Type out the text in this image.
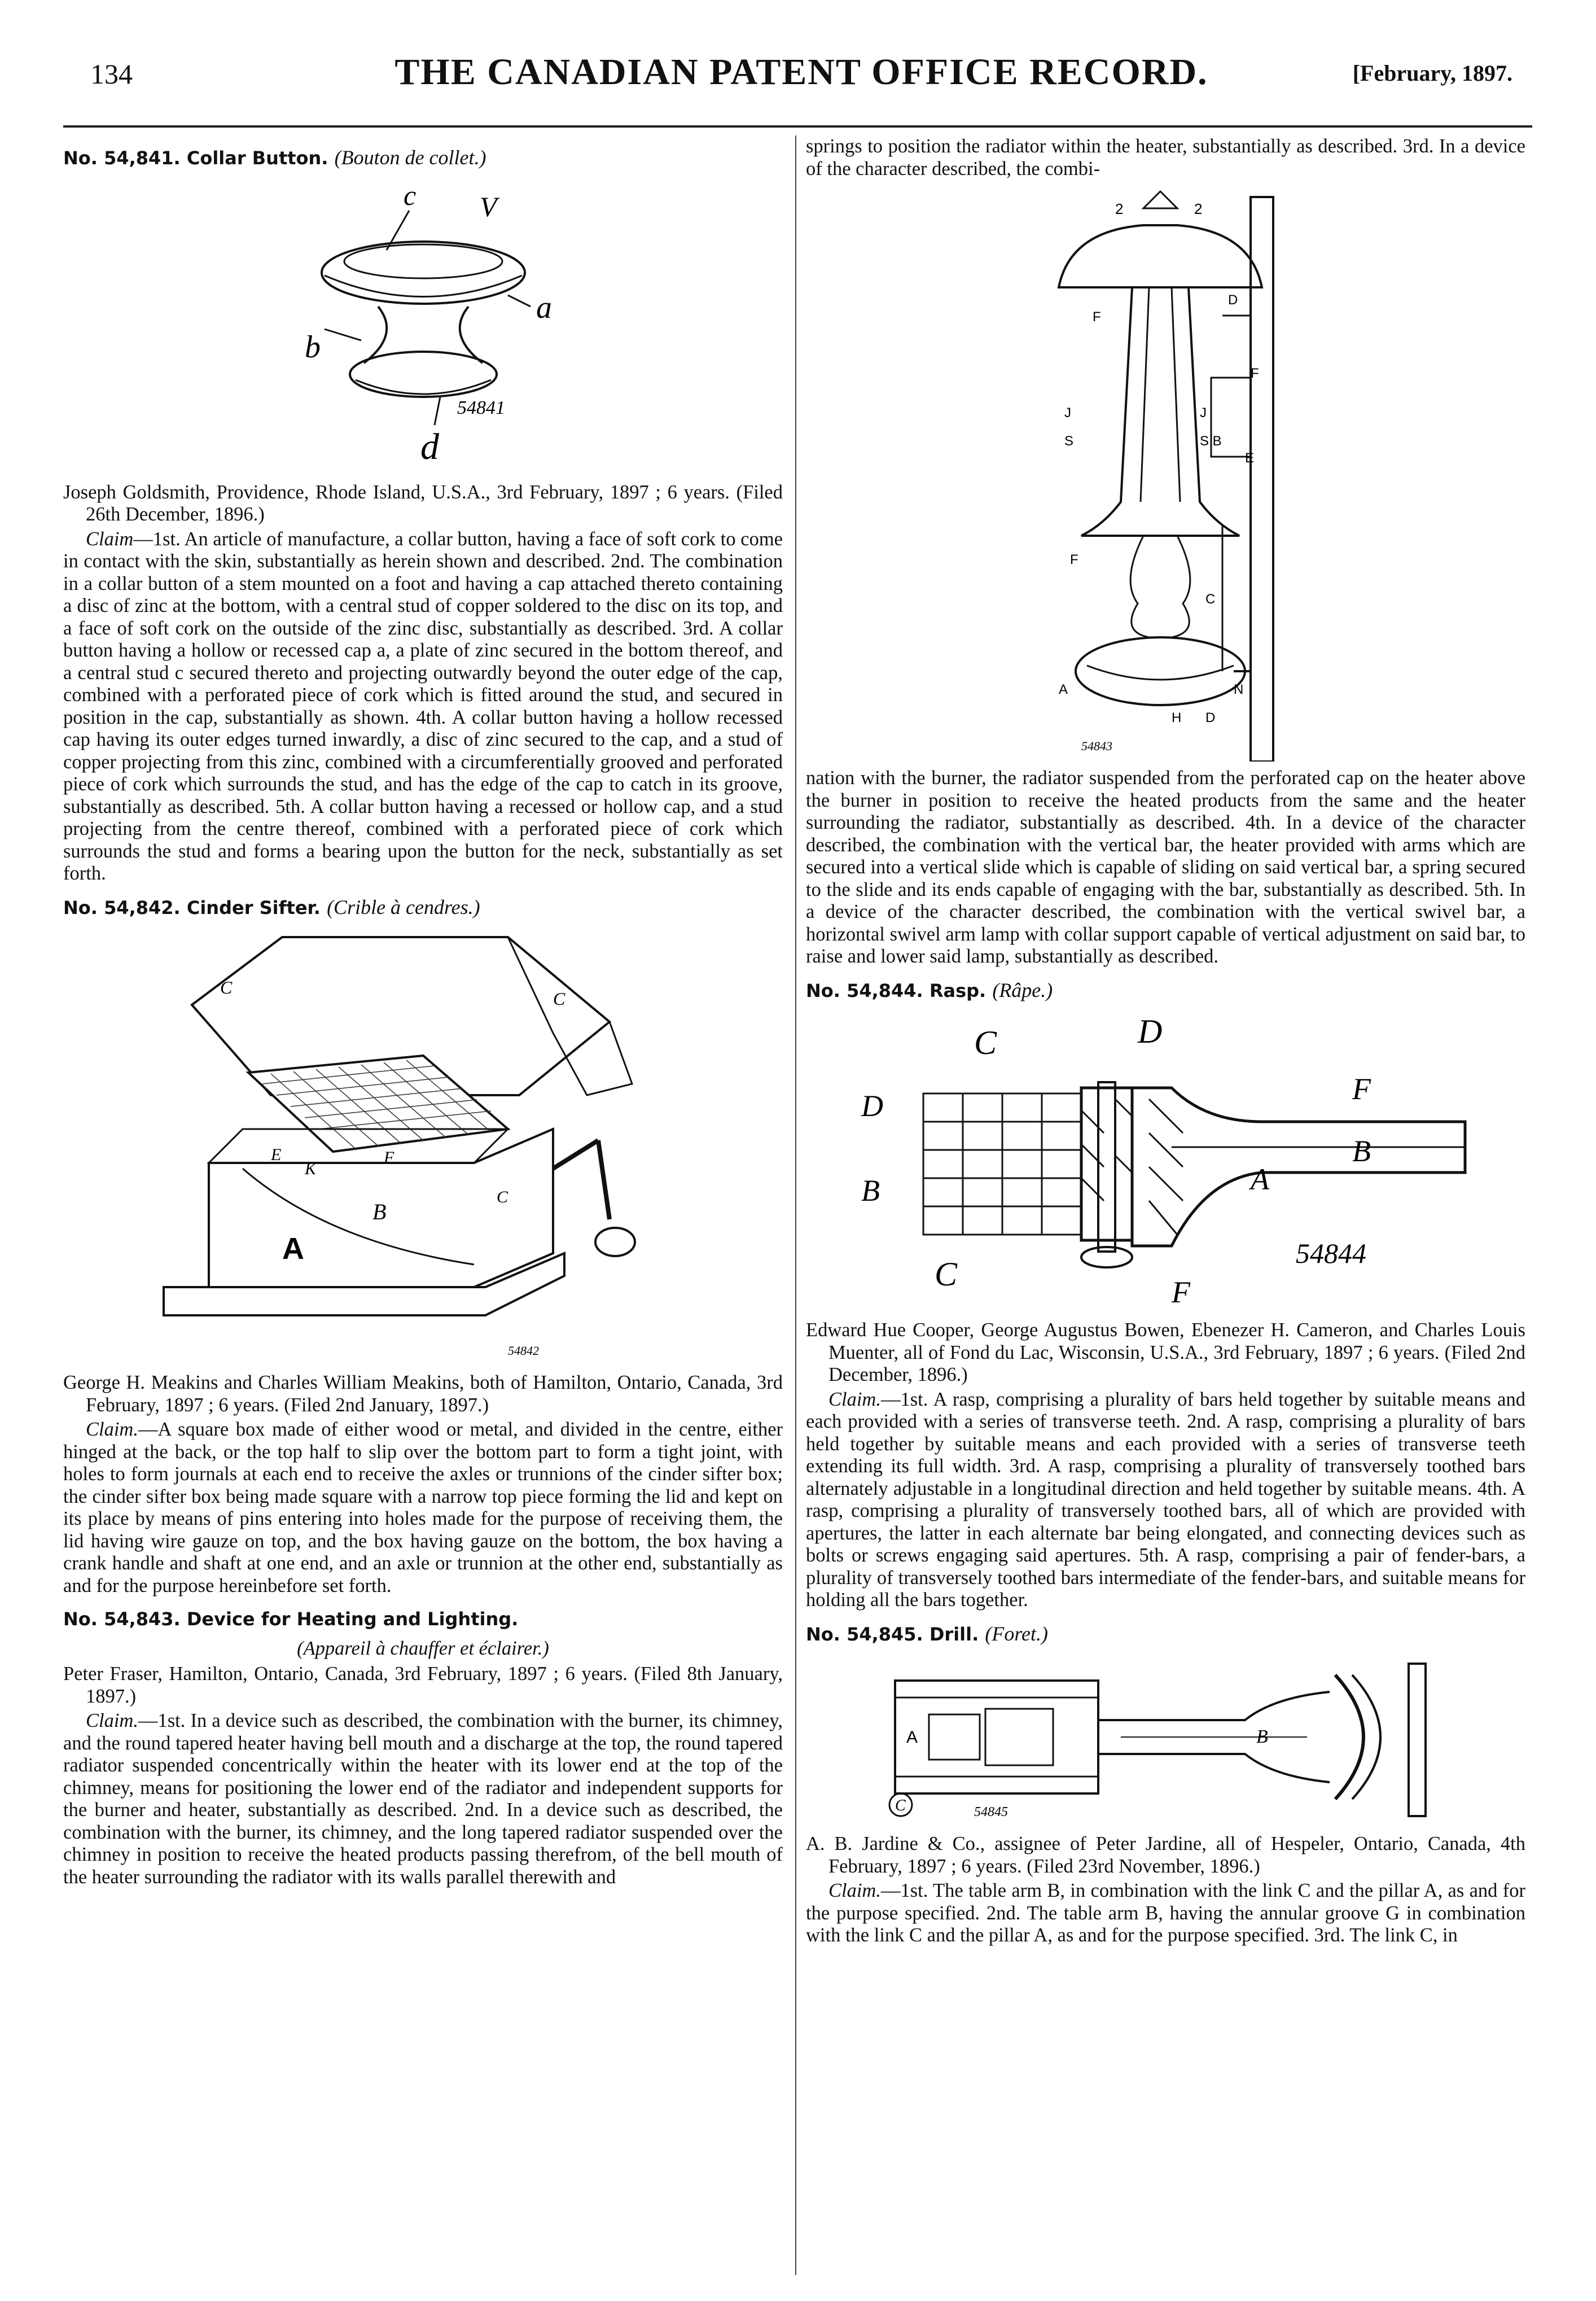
134	THE CANADIAN PATENT OFFICE RECORD.	[February, 1897.
No. 54,841. Collar Button. (Bouton de collet.)
c V
a
b
d
54841

Joseph Goldsmith, Providence, Rhode Island, U.S.A., 3rd February, 1897 ; 6 years. (Filed 26th December, 1896.)

Claim—1st. An article of manufacture, a collar button, having a face of soft cork to come in contact with the skin, substantially as herein shown and described. 2nd. The combination in a collar button of a stem mounted on a foot and having a cap attached thereto containing a disc of zinc at the bottom, with a central stud of copper soldered to the disc on its top, and a face of soft cork on the outside of the zinc disc, substantially as described. 3rd. A collar button having a hollow or recessed cap a, a plate of zinc secured in the bottom thereof, and a central stud c secured thereto and projecting outwardly beyond the outer edge of the cap, combined with a perforated piece of cork which is fitted around the stud, and secured in position in the cap, substantially as shown. 4th. A collar button having a hollow recessed cap having its outer edges turned inwardly, a disc of zinc secured to the cap, and a stud of copper projecting from this zinc, combined with a circumferentially grooved and perforated piece of cork which surrounds the stud, and has the edge of the cap to catch in its groove, substantially as described. 5th. A collar button having a recessed or hollow cap, and a stud projecting from the centre thereof, combined with a perforated piece of cork which surrounds the stud and forms a bearing upon the button for the neck, substantially as set forth.

No. 54,842. Cinder Sifter. (Crible à cendres.)
C
C
E
K
F
B
A
C
54842

George H. Meakins and Charles William Meakins, both of Hamilton, Ontario, Canada, 3rd February, 1897 ; 6 years. (Filed 2nd January, 1897.)

Claim.—A square box made of either wood or metal, and divided in the centre, either hinged at the back, or the top half to slip over the bottom part to form a tight joint, with holes to form journals at each end to receive the axles or trunnions of the cinder sifter box; the cinder sifter box being made square with a narrow top piece forming the lid and kept on its place by means of pins entering into holes made for the purpose of receiving them, the lid having wire gauze on top, and the box having gauze on the bottom, the box having a crank handle and shaft at one end, and an axle or trunnion at the other end, substantially as and for the purpose hereinbefore set forth.

No. 54,843. Device for Heating and Lighting.

(Appareil à chauffer et éclairer.)

Peter Fraser, Hamilton, Ontario, Canada, 3rd February, 1897 ; 6 years. (Filed 8th January, 1897.)

Claim.—1st. In a device such as described, the combination with the burner, its chimney, and the round tapered heater having bell mouth and a discharge at the top, the round tapered radiator suspended concentrically within the heater with its lower end at the top of the chimney, means for positioning the lower end of the radiator and independent supports for the burner and heater, substantially as described. 2nd. In a device such as described, the combination with the burner, its chimney, and the long tapered radiator suspended over the chimney in position to receive the heated products passing therefrom, of the bell mouth of the heater surrounding the radiator with its walls parallel therewith and

springs to position the radiator within the heater, substantially as described. 3rd. In a device of the character described, the combi-

2	2
F
D
F
J	J
S	S B
E
F
C
A
H D
N
54843

nation with the burner, the radiator suspended from the perforated cap on the heater above the burner in position to receive the heated products from the same and the heater surrounding the radiator, substantially as described. 4th. In a device of the character described, the combination with the vertical bar, the heater provided with arms which are secured into a vertical slide which is capable of sliding on said vertical bar, a spring secured to the slide and its ends capable of engaging with the bar, substantially as described. 5th. In a device of the character described, the combination with the vertical swivel bar, a horizontal swivel arm lamp with collar support capable of vertical adjustment on said bar, to raise and lower said lamp, substantially as described.

No. 54,844. Rasp. (Râpe.)
C	D
F
D
B
A
B
C	F
54844

Edward Hue Cooper, George Augustus Bowen, Ebenezer H. Cameron, and Charles Louis Muenter, all of Fond du Lac, Wisconsin, U.S.A., 3rd February, 1897 ; 6 years. (Filed 2nd December, 1896.)

Claim.—1st. A rasp, comprising a plurality of bars held together by suitable means and each provided with a series of transverse teeth. 2nd. A rasp, comprising a plurality of bars held together by suitable means and each provided with a series of transverse teeth extending its full width. 3rd. A rasp, comprising a plurality of transversely toothed bars alternately adjustable in a longitudinal direction and held together by suitable means. 4th. A rasp, comprising a plurality of transversely toothed bars, all of which are provided with apertures, the latter in each alternate bar being elongated, and connecting devices such as bolts or screws engaging said apertures. 5th. A rasp, comprising a pair of fender-bars, a plurality of transversely toothed bars intermediate of the fender-bars, and suitable means for holding all the bars together.

No. 54,845. Drill. (Foret.)
A	B
C	54845

A. B. Jardine & Co., assignee of Peter Jardine, all of Hespeler, Ontario, Canada, 4th February, 1897 ; 6 years. (Filed 23rd November, 1896.)

Claim.—1st. The table arm B, in combination with the link C and the pillar A, as and for the purpose specified. 2nd. The table arm B, having the annular groove G in combination with the link C and the pillar A, as and for the purpose specified. 3rd. The link C, in
